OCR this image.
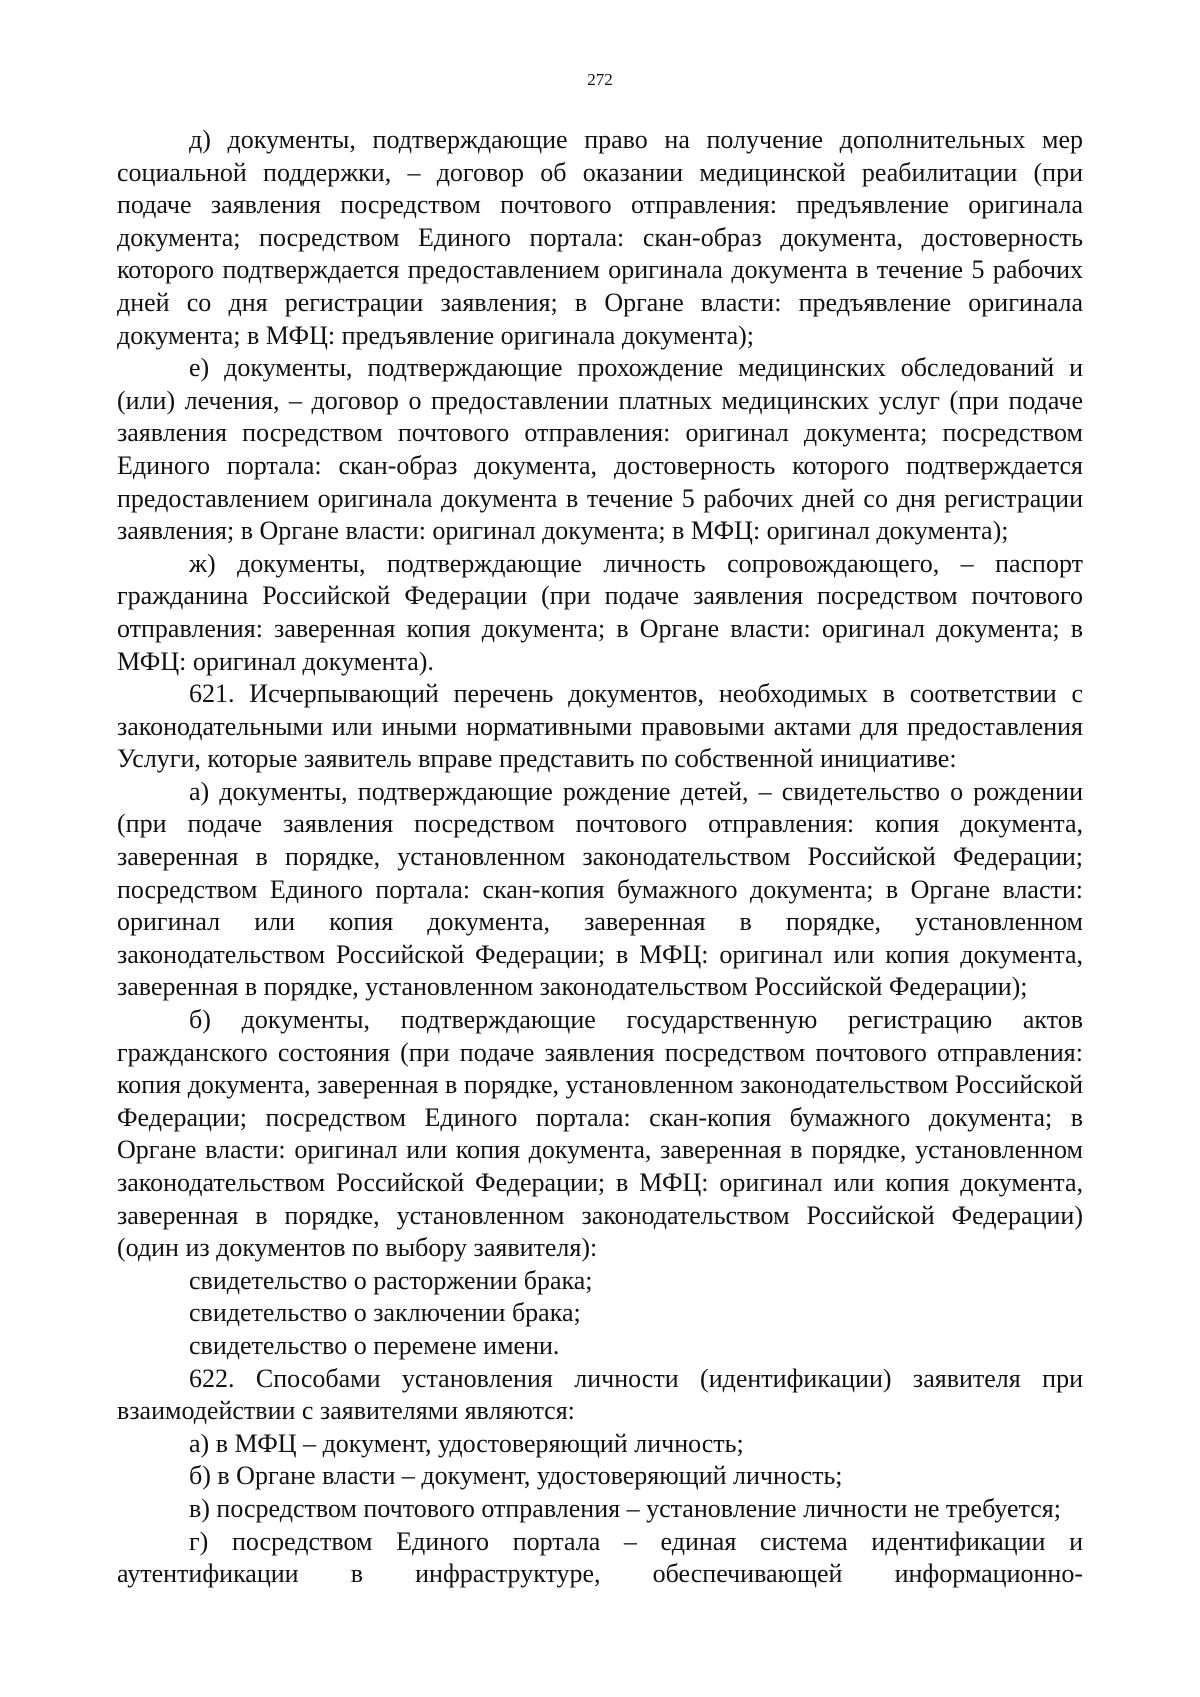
272

д) документы, подтверждающие право на получение дополнительных мер социальной поддержки, – договор об оказании медицинской реабилитации (при подаче заявления посредством почтового отправления: предъявление оригинала документа; посредством Единого портала: скан-образ документа, достоверность которого подтверждается предоставлением оригинала документа в течение 5 рабочих дней со дня регистрации заявления; в Органе власти: предъявление оригинала документа; в МФЦ: предъявление оригинала документа);

е) документы, подтверждающие прохождение медицинских обследований и (или) лечения, – договор о предоставлении платных медицинских услуг (при подаче заявления посредством почтового отправления: оригинал документа; посредством Единого портала: скан-образ документа, достоверность которого подтверждается предоставлением оригинала документа в течение 5 рабочих дней со дня регистрации заявления; в Органе власти: оригинал документа; в МФЦ: оригинал документа);

ж) документы, подтверждающие личность сопровождающего, – паспорт гражданина Российской Федерации (при подаче заявления посредством почтового отправления: заверенная копия документа; в Органе власти: оригинал документа; в МФЦ: оригинал документа).

621. Исчерпывающий перечень документов, необходимых в соответствии с законодательными или иными нормативными правовыми актами для предоставления Услуги, которые заявитель вправе представить по собственной инициативе:

а) документы, подтверждающие рождение детей, – свидетельство о рождении (при подаче заявления посредством почтового отправления: копия документа, заверенная в порядке, установленном законодательством Российской Федерации; посредством Единого портала: скан-копия бумажного документа; в Органе власти: оригинал или копия документа, заверенная в порядке, установленном законодательством Российской Федерации; в МФЦ: оригинал или копия документа, заверенная в порядке, установленном законодательством Российской Федерации);

б) документы, подтверждающие государственную регистрацию актов гражданского состояния (при подаче заявления посредством почтового отправления: копия документа, заверенная в порядке, установленном законодательством Российской Федерации; посредством Единого портала: скан-копия бумажного документа; в Органе власти: оригинал или копия документа, заверенная в порядке, установленном законодательством Российской Федерации; в МФЦ: оригинал или копия документа, заверенная в порядке, установленном законодательством Российской Федерации) (один из документов по выбору заявителя):

свидетельство о расторжении брака;

свидетельство о заключении брака;

свидетельство о перемене имени.

622. Способами установления личности (идентификации) заявителя при взаимодействии с заявителями являются:

а) в МФЦ – документ, удостоверяющий личность;

б) в Органе власти – документ, удостоверяющий личность;

в) посредством почтового отправления – установление личности не требуется;

г) посредством Единого портала – единая система идентификации и аутентификации в инфраструктуре, обеспечивающей информационно-
